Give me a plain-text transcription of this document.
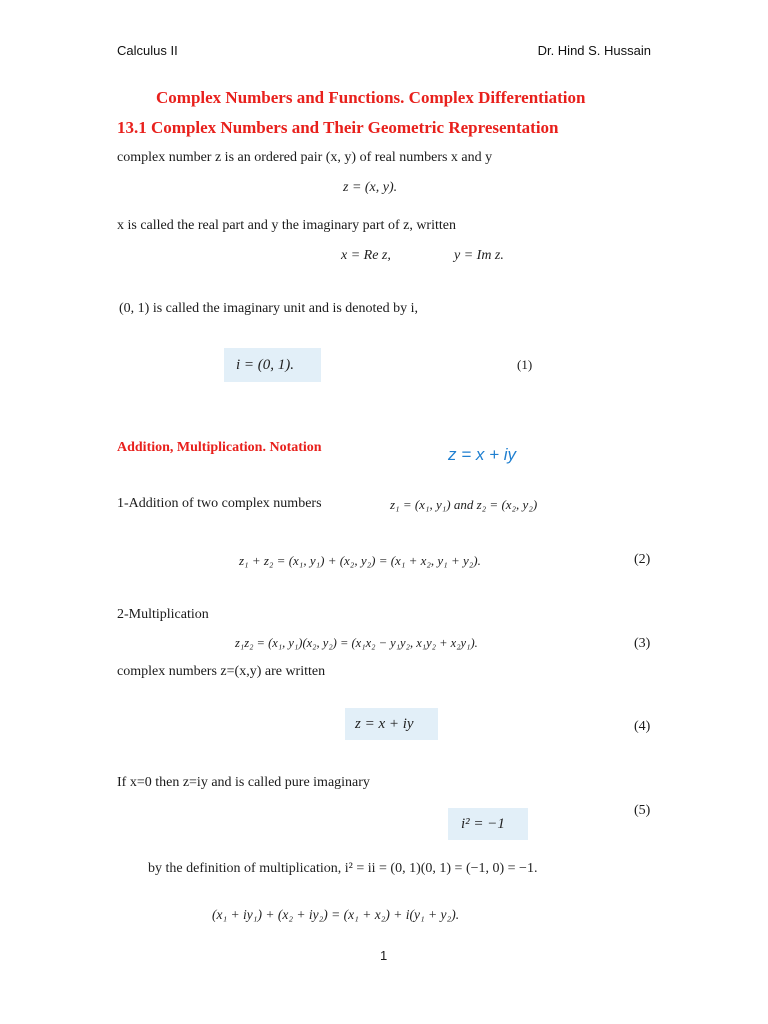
Calculus II	Dr. Hind S. Hussain
Complex Numbers and Functions. Complex Differentiation
13.1 Complex Numbers and Their Geometric Representation
complex number z is an ordered pair (x, y) of real numbers x and y
z = (x, y).
x is called the real part and y the imaginary part of z, written
x = Re z,	y = Im z.
(0, 1) is called the imaginary unit and is denoted by i,
i = (0, 1).	(1)
Addition, Multiplication. Notation	z = x + iy
1-Addition of two complex numbers	z₁ = (x₁, y₁) and z₂ = (x₂, y₂)
z₁ + z₂ = (x₁, y₁) + (x₂, y₂) = (x₁ + x₂, y₁ + y₂).	(2)
2-Multiplication
z₁z₂ = (x₁, y₁)(x₂, y₂) = (x₁x₂ − y₁y₂, x₁y₂ + x₂y₁).	(3)
complex numbers z=(x,y) are written
z = x + iy	(4)
If x=0 then z=iy and is called pure imaginary
(5)
i² = −1
by the definition of multiplication, i² = ii = (0, 1)(0, 1) = (−1, 0) = −1.
(x₁ + iy₁) + (x₂ + iy₂) = (x₁ + x₂) + i(y₁ + y₂).
1
